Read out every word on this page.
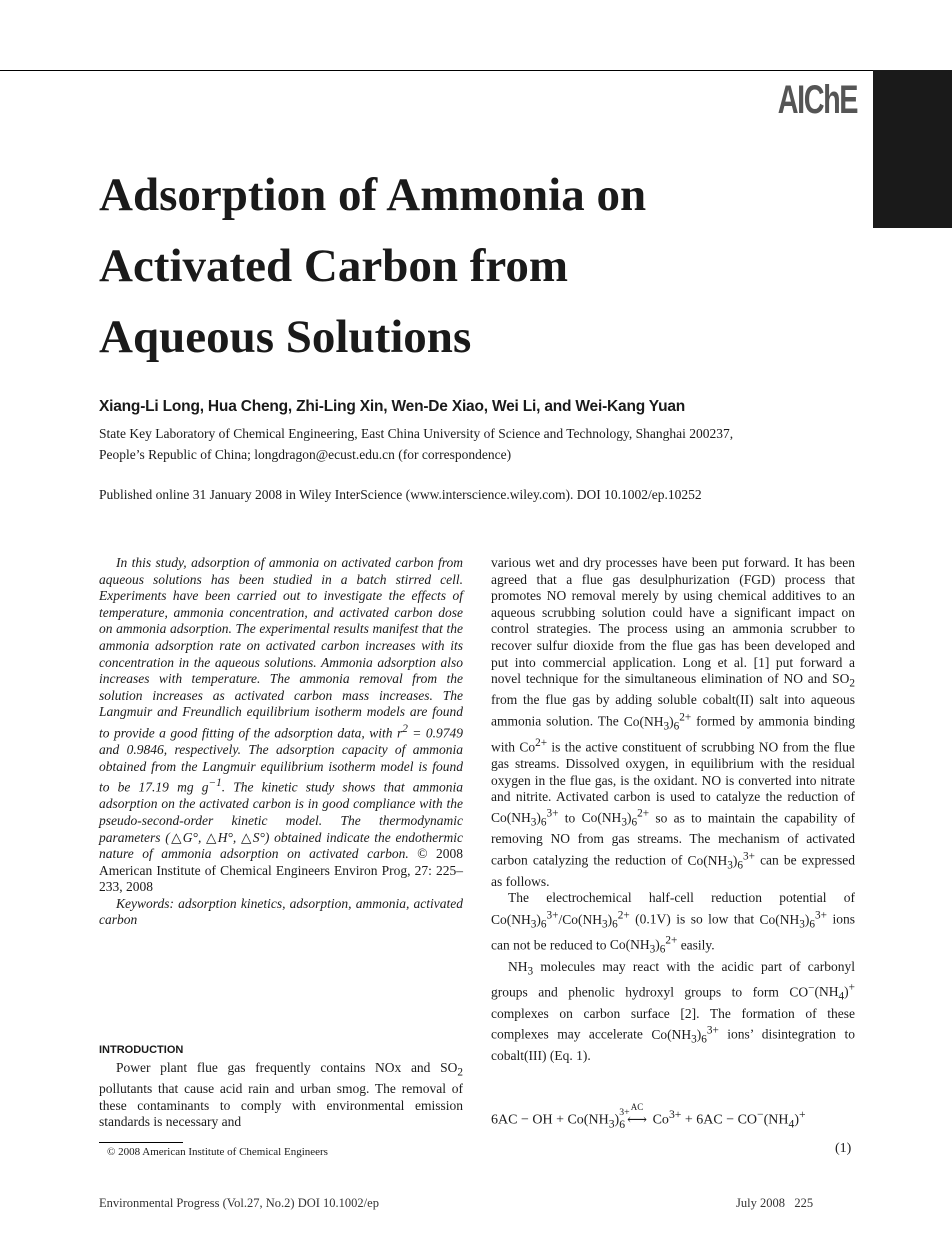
AIChE
Adsorption of Ammonia on
Activated Carbon from
Aqueous Solutions
Xiang-Li Long, Hua Cheng, Zhi-Ling Xin, Wen-De Xiao, Wei Li, and Wei-Kang Yuan
State Key Laboratory of Chemical Engineering, East China University of Science and Technology, Shanghai 200237,
People’s Republic of China; longdragon@ecust.edu.cn (for correspondence)
Published online 31 January 2008 in Wiley InterScience (www.interscience.wiley.com). DOI 10.1002/ep.10252

In this study, adsorption of ammonia on activated carbon from aqueous solutions has been studied in a batch stirred cell. Experiments have been carried out to investigate the effects of temperature, ammonia concentration, and activated carbon dose on ammonia adsorption. The experimental results manifest that the ammonia adsorption rate on activated carbon increases with its concentration in the aqueous solutions. Ammonia adsorption also increases with temperature. The ammonia removal from the solution increases as activated carbon mass increases. The Langmuir and Freundlich equilibrium isotherm models are found to provide a good fitting of the adsorption data, with $r^2 = 0.9749$ and 0.9846, respectively. The adsorption capacity of ammonia obtained from the Langmuir equilibrium isotherm model is found to be 17.19 mg $g^{-1}$. The kinetic study shows that ammonia adsorption on the activated carbon is in good compliance with the pseudo-second-order kinetic model. The thermodynamic parameters (△G°, △H°, △S°) obtained indicate the endothermic nature of ammonia adsorption on activated carbon. © 2008 American Institute of Chemical Engineers Environ Prog, 27: 225–233, 2008

Keywords: adsorption kinetics, adsorption, ammonia, activated carbon

INTRODUCTION

Power plant flue gas frequently contains NOx and $SO_2$ pollutants that cause acid rain and urban smog. The removal of these contaminants to comply with environmental emission standards is necessary and

various wet and dry processes have been put forward. It has been agreed that a flue gas desulphurization (FGD) process that promotes NO removal merely by using chemical additives to an aqueous scrubbing solution could have a significant impact on control strategies. The process using an ammonia scrubber to recover sulfur dioxide from the flue gas has been developed and put into commercial application. Long et al. [1] put forward a novel technique for the simultaneous elimination of NO and $SO_2$ from the flue gas by adding soluble cobalt(II) salt into aqueous ammonia solution. The $Co(NH_3)_6^{2+}$ formed by ammonia binding with $Co^{2+}$ is the active constituent of scrubbing NO from the flue gas streams. Dissolved oxygen, in equilibrium with the residual oxygen in the flue gas, is the oxidant. NO is converted into nitrate and nitrite. Activated carbon is used to catalyze the reduction of $Co(NH_3)_6^{3+}$ to $Co(NH_3)_6^{2+}$ so as to maintain the capability of removing NO from gas streams. The mechanism of activated carbon catalyzing the reduction of $Co(NH_3)_6^{3+}$ can be expressed as follows.

The electrochemical half-cell reduction potential of $Co(NH_3)_6^{3+}/Co(NH_3)_6^{2+}$ (0.1V) is so low that $Co(NH_3)_6^{3+}$ ions can not be reduced to $Co(NH_3)_6^{2+}$ easily.

$NH_3$ molecules may react with the acidic part of carbonyl groups and phenolic hydroxyl groups to form $CO^-(NH_4)^+$ complexes on carbon surface [2]. The formation of these complexes may accelerate $Co(NH_3)_6^{3+}$ ions’ disintegration to cobalt(III) (Eq. 1).

6AC − OH + $Co(NH_3)_6$
3+ AC
⟷ $Co^{3+} + 6AC - CO^-(NH_4)^+$
(1)
© 2008 American Institute of Chemical Engineers
Environmental Progress (Vol.27, No.2) DOI 10.1002/ep	July 2008   225
